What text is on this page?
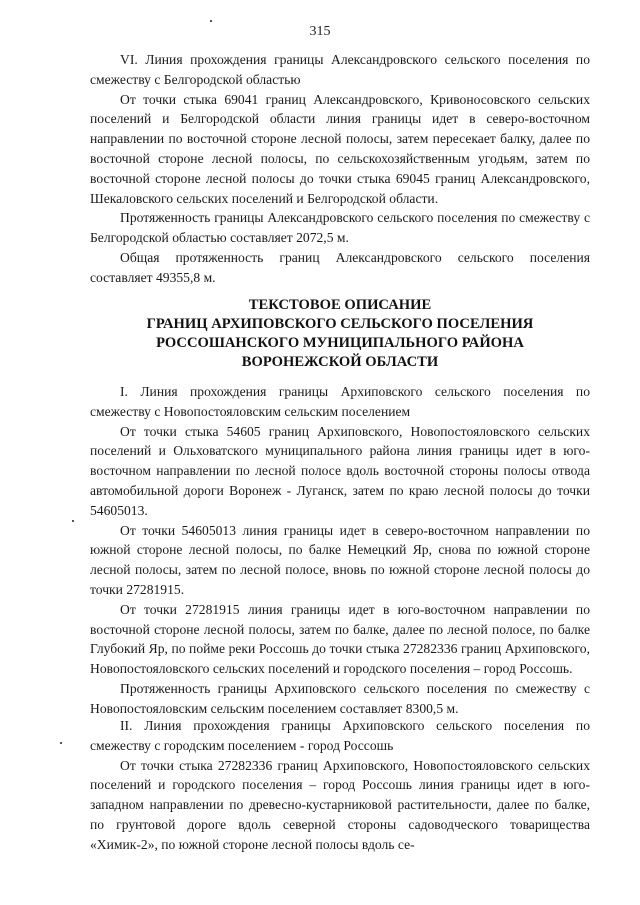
315

VI. Линия прохождения границы Александровского сельского поселения по смежеству с Белгородской областью

От точки стыка 69041 границ Александровского, Кривоносовского сельских поселений и Белгородской области линия границы идет в северо-восточном направлении по восточной стороне лесной полосы, затем пересекает балку, далее по восточной стороне лесной полосы, по сельскохозяйственным угодьям, затем по восточной стороне лесной полосы до точки стыка 69045 границ Александровского, Шекаловского сельских поселений и Белгородской области.

Протяженность границы Александровского сельского поселения по смежеству с Белгородской областью составляет 2072,5 м.

Общая протяженность границ Александровского сельского поселения составляет 49355,8 м.

ТЕКСТОВОЕ ОПИСАНИЕ
ГРАНИЦ АРХИПОВСКОГО СЕЛЬСКОГО ПОСЕЛЕНИЯ
РОССОШАНСКОГО МУНИЦИПАЛЬНОГО РАЙОНА
ВОРОНЕЖСКОЙ ОБЛАСТИ

I. Линия прохождения границы Архиповского сельского поселения по смежеству с Новопостояловским сельским поселением

От точки стыка 54605 границ Архиповского, Новопостояловского сельских поселений и Ольховатского муниципального района линия границы идет в юго-восточном направлении по лесной полосе вдоль восточной стороны полосы отвода автомобильной дороги Воронеж - Луганск, затем по краю лесной полосы до точки 54605013.

От точки 54605013 линия границы идет в северо-восточном направлении по южной стороне лесной полосы, по балке Немецкий Яр, снова по южной стороне лесной полосы, затем по лесной полосе, вновь по южной стороне лесной полосы до точки 27281915.

От точки 27281915 линия границы идет в юго-восточном направлении по восточной стороне лесной полосы, затем по балке, далее по лесной полосе, по балке Глубокий Яр, по пойме реки Россошь до точки стыка 27282336 границ Архиповского, Новопостояловского сельских поселений и городского поселения – город Россошь.

Протяженность границы Архиповского сельского поселения по смежеству с Новопостояловским сельским поселением составляет 8300,5 м.

II. Линия прохождения границы Архиповского сельского поселения по смежеству с городским поселением - город Россошь

От точки стыка 27282336 границ Архиповского, Новопостояловского сельских поселений и городского поселения – город Россошь линия границы идет в юго-западном направлении по древесно-кустарниковой растительности, далее по балке, по грунтовой дороге вдоль северной стороны садоводческого товарищества «Химик-2», по южной стороне лесной полосы вдоль се-
